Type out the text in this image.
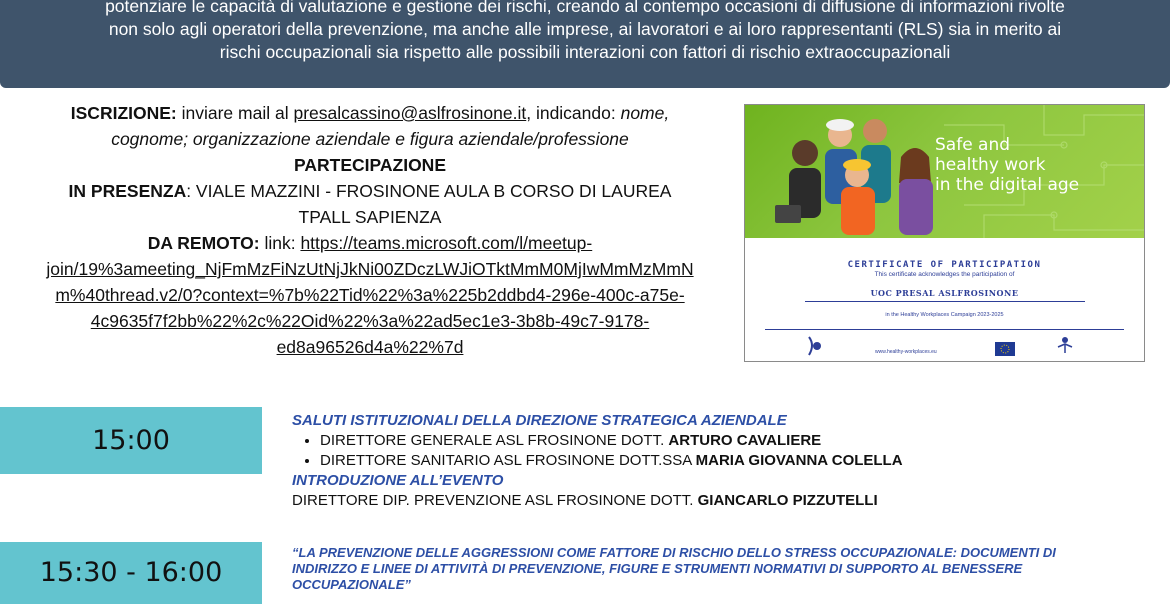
potenziare le capacità di valutazione e gestione dei rischi, creando al contempo occasioni di diffusione di informazioni rivolte

non solo agli operatori della prevenzione, ma anche alle imprese, ai lavoratori e ai loro rappresentanti (RLS) sia in merito ai

rischi occupazionali sia rispetto alle possibili interazioni con fattori di rischio extraoccupazionali

ISCRIZIONE: inviare mail al presalcassino@aslfrosinone.it, indicando: nome,
cognome; organizzazione aziendale e figura aziendale/professione
PARTECIPAZIONE
IN PRESENZA: VIALE MAZZINI - FROSINONE AULA B CORSO DI LAUREA
TPALL SAPIENZA
DA REMOTO: link: https://teams.microsoft.com/l/meetup-
join/19%3ameeting_NjFmMzFiNzUtNjJkNi00ZDczLWJiOTktMmM0MjIwMmMzMmN
m%40thread.v2/0?context=%7b%22Tid%22%3a%225b2ddbd4-296e-400c-a75e-
4c9635f7f2bb%22%2c%22Oid%22%3a%22ad5ec1e3-3b8b-49c7-9178-
ed8a96526d4a%22%7d
Safe and
healthy work
in the digital age
CERTIFICATE OF PARTICIPATION
This certificate acknowledges the participation of
UOC PRESAL ASLFROSINONE
in the Healthy Workplaces Campaign 2023-2025
www.healthy-workplaces.eu
15:00
SALUTI ISTITUZIONALI DELLA DIREZIONE STRATEGICA AZIENDALE
• DIRETTORE GENERALE ASL FROSINONE DOTT. ARTURO CAVALIERE
• DIRETTORE SANITARIO ASL FROSINONE DOTT.SSA MARIA GIOVANNA COLELLA
INTRODUZIONE ALL’EVENTO
DIRETTORE DIP. PREVENZIONE ASL FROSINONE DOTT. GIANCARLO PIZZUTELLI
15:30 - 16:00
“LA PREVENZIONE DELLE AGGRESSIONI COME FATTORE DI RISCHIO DELLO STRESS OCCUPAZIONALE: DOCUMENTI DI INDIRIZZO E LINEE DI ATTIVITÀ DI PREVENZIONE, FIGURE E STRUMENTI NORMATIVI DI SUPPORTO AL BENESSERE OCCUPAZIONALE”
